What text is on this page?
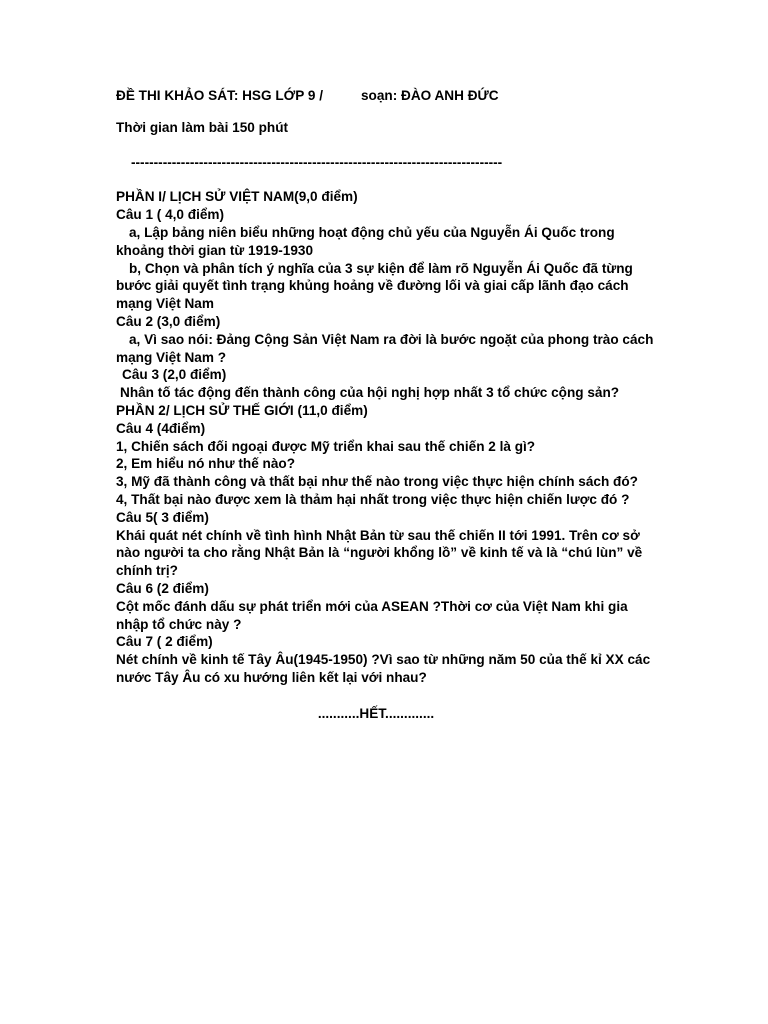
ĐỀ THI KHẢO SÁT: HSG LỚP 9 /	soạn: ĐÀO ANH ĐỨC
Thời gian làm bài 150 phút
----------------------------------------------------------------------------------
PHẦN I/ LỊCH SỬ VIỆT NAM(9,0 điểm)
Câu 1 ( 4,0 điểm)
a, Lập bảng niên biểu những hoạt động chủ yếu của Nguyễn Ái Quốc trong khoảng thời gian từ 1919-1930
b, Chọn và phân tích ý nghĩa của 3 sự kiện để làm rõ Nguyễn Ái Quốc đã từng bước giải quyết tình trạng khủng hoảng về đường lối và giai cấp lãnh đạo cách mạng Việt Nam
Câu 2 (3,0 điểm)
a, Vì sao nói: Đảng Cộng Sản Việt Nam ra đời là bước ngoặt của phong trào cách mạng Việt Nam ?
Câu 3 (2,0 điểm)
Nhân tố tác động đến thành công của hội nghị hợp nhất 3 tổ chức cộng sản?
PHẦN 2/ LỊCH SỬ THẾ GIỚI (11,0 điểm)
Câu 4 (4điểm)
1, Chiến sách đối ngoại được Mỹ triển khai sau thế chiến 2 là gì?
2, Em hiểu nó như thế nào?
3, Mỹ đã thành công và thất bại như thế nào trong việc thực hiện chính sách đó?
4, Thất bại nào được xem là thảm hại nhất trong việc thực hiện chiến lược đó ?
Câu 5( 3 điểm)
Khái quát nét chính về tình hình Nhật Bản từ sau thế chiến II tới 1991. Trên cơ sở nào người ta cho rằng Nhật Bản là “người khổng lồ” về kinh tế và là “chú lùn” về chính trị?
Câu 6 (2 điểm)
Cột mốc đánh dấu sự phát triển mới của ASEAN ?Thời cơ của Việt Nam khi gia nhập tổ chức này ?
Câu 7 ( 2 điểm)
Nét chính về kinh tế Tây Âu(1945-1950) ?Vì sao từ những năm 50 của thế kỉ XX các nước Tây Âu có xu hướng liên kết lại với nhau?
...........HẾT.............
